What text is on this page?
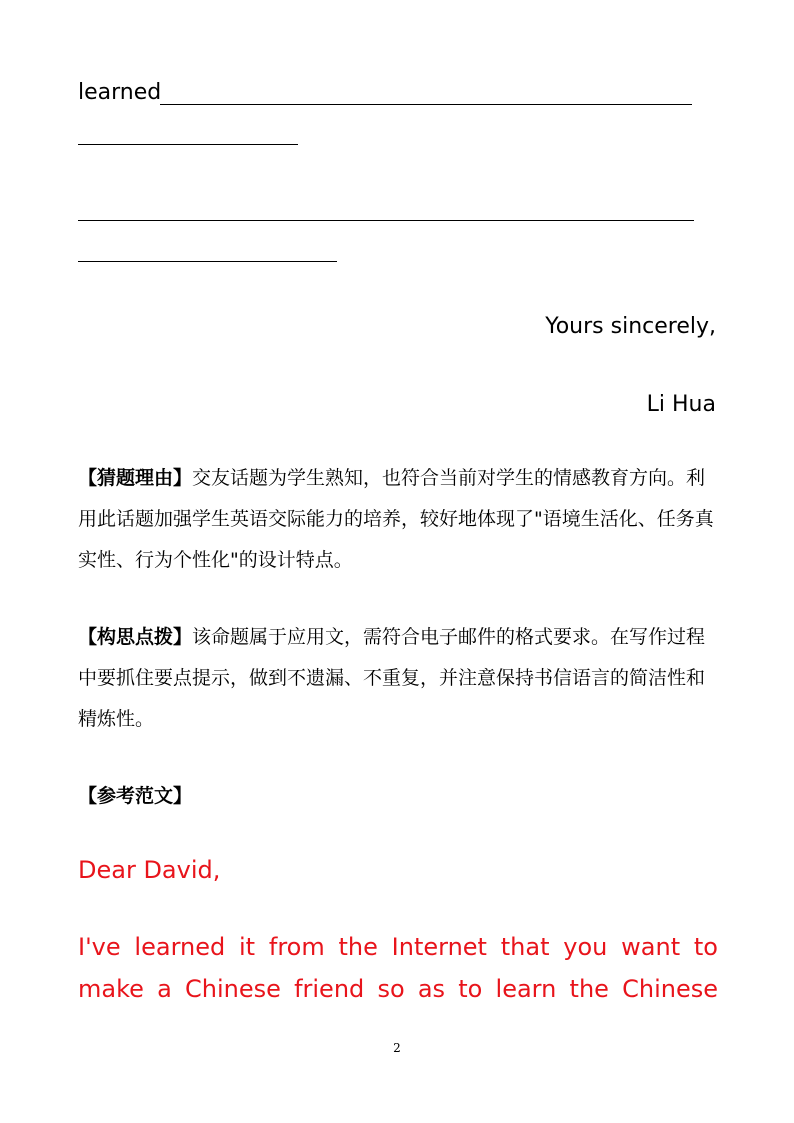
learned
Yours sincerely,
Li Hua
【猜题理由】交友话题为学生熟知，也符合当前对学生的情感教育方向。利用此话题加强学生英语交际能力的培养，较好地体现了"语境生活化、任务真实性、行为个性化"的设计特点。
【构思点拨】该命题属于应用文，需符合电子邮件的格式要求。在写作过程中要抓住要点提示，做到不遗漏、不重复，并注意保持书信语言的简洁性和精炼性。
【参考范文】
Dear David,
I've learned it from the Internet that you want to
make a Chinese friend so as to learn the Chinese
2
